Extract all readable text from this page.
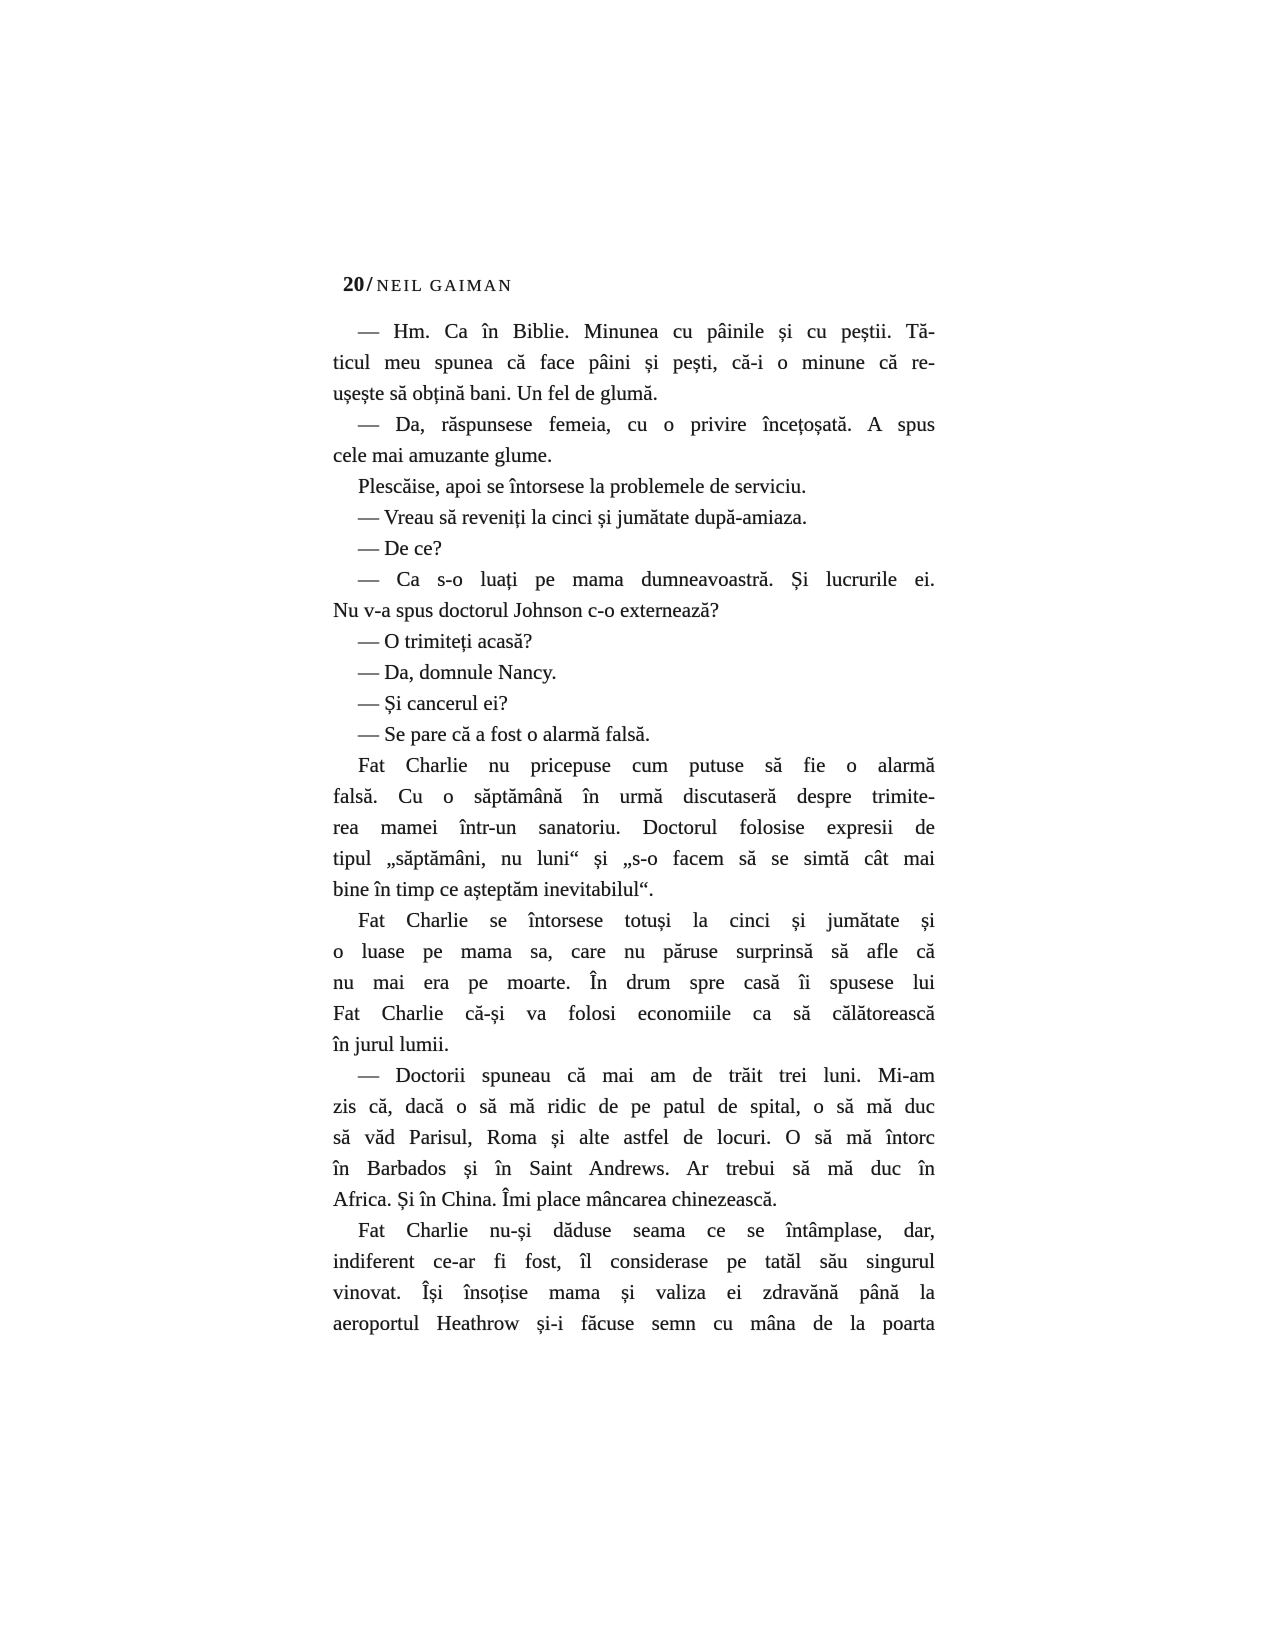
20/ NEIL GAIMAN
— Hm. Ca în Biblie. Minunea cu pâinile și cu peștii. Tă-
ticul meu spunea că face pâini și pești, că-i o minune că re-
ușește să obțină bani. Un fel de glumă.
— Da, răspunsese femeia, cu o privire încețoșată. A spus
cele mai amuzante glume.
Plescăise, apoi se întorsese la problemele de serviciu.
— Vreau să reveniți la cinci și jumătate după-amiaza.
— De ce?
— Ca s-o luați pe mama dumneavoastră. Și lucrurile ei.
Nu v-a spus doctorul Johnson c-o externează?
— O trimiteți acasă?
— Da, domnule Nancy.
— Și cancerul ei?
— Se pare că a fost o alarmă falsă.
Fat Charlie nu pricepuse cum putuse să fie o alarmă
falsă. Cu o săptămână în urmă discutaseră despre trimite-
rea mamei într-un sanatoriu. Doctorul folosise expresii de
tipul „săptămâni, nu luni“ și „s-o facem să se simtă cât mai
bine în timp ce așteptăm inevitabilul“.
Fat Charlie se întorsese totuși la cinci și jumătate și
o luase pe mama sa, care nu păruse surprinsă să afle că
nu mai era pe moarte. În drum spre casă îi spusese lui
Fat Charlie că-și va folosi economiile ca să călătorească
în jurul lumii.
— Doctorii spuneau că mai am de trăit trei luni. Mi-am
zis că, dacă o să mă ridic de pe patul de spital, o să mă duc
să văd Parisul, Roma și alte astfel de locuri. O să mă întorc
în Barbados și în Saint Andrews. Ar trebui să mă duc în
Africa. Și în China. Îmi place mâncarea chinezească.
Fat Charlie nu-și dăduse seama ce se întâmplase, dar,
indiferent ce-ar fi fost, îl considerase pe tatăl său singurul
vinovat. Își însoțise mama și valiza ei zdravănă până la
aeroportul Heathrow și-i făcuse semn cu mâna de la poarta
